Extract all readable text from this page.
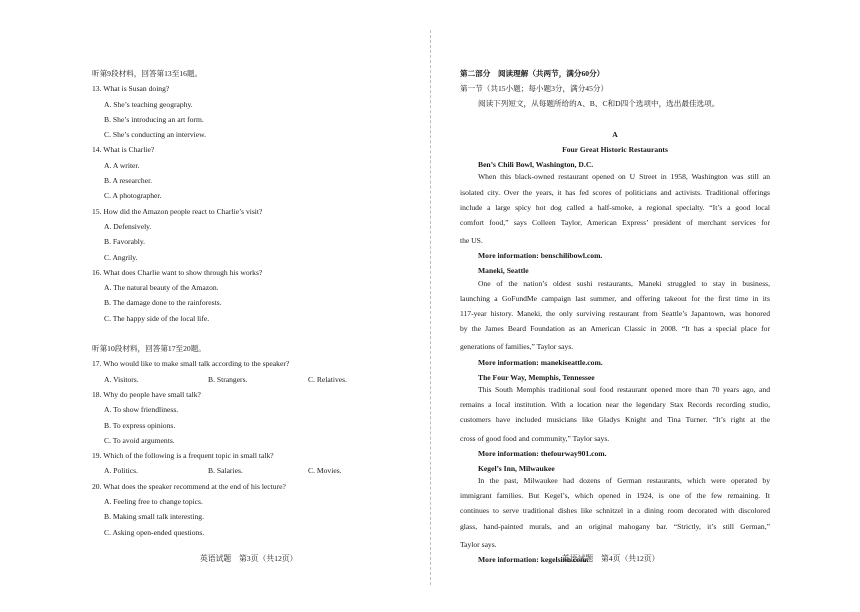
听第9段材料，回答第13至16题。
13. What is Susan doing?
A. She’s teaching geography.
B. She’s introducing an art form.
C. She’s conducting an interview.
14. What is Charlie?
A. A writer.
B. A researcher.
C. A photographer.
15. How did the Amazon people react to Charlie’s visit?
A. Defensively.
B. Favorably.
C. Angrily.
16. What does Charlie want to show through his works?
A. The natural beauty of the Amazon.
B. The damage done to the rainforests.
C. The happy side of the local life.
听第10段材料，回答第17至20题。
17. Who would like to make small talk according to the speaker?
A. Visitors.	B. Strangers.	C. Relatives.
18. Why do people have small talk?
A. To show friendliness.
B. To express opinions.
C. To avoid arguments.
19. Which of the following is a frequent topic in small talk?
A. Politics.	B. Salaries.	C. Movies.
20. What does the speaker recommend at the end of his lecture?
A. Feeling free to change topics.
B. Making small talk interesting.
C. Asking open-ended questions.
第二部分　阅读理解（共两节，满分60分）
第一节（共15小题；每小题3分，满分45分）
阅读下列短文，从每题所给的A、B、C和D四个选项中，选出最佳选项。
A
Four Great Historic Restaurants
Ben’s Chili Bowl, Washington, D.C.
When this black-owned restaurant opened on U Street in 1958, Washington was still an
isolated city. Over the years, it has fed scores of politicians and activists. Traditional offerings
include a large spicy hot dog called a half-smoke, a regional specialty. “It’s a good local
comfort food,” says Colleen Taylor, American Express’ president of merchant services for
the US.
More information: benschilibowl.com.
Maneki, Seattle
One of the nation’s oldest sushi restaurants, Maneki struggled to stay in business,
launching a GoFundMe campaign last summer, and offering takeout for the first time in its
117-year history. Maneki, the only surviving restaurant from Seattle’s Japantown, was honored
by the James Beard Foundation as an American Classic in 2008. “It has a special place for
generations of families,” Taylor says.
More information: manekiseattle.com.
The Four Way, Memphis, Tennessee
This South Memphis traditional soul food restaurant opened more than 70 years ago, and
remains a local institution. With a location near the legendary Stax Records recording studio,
customers have included musicians like Gladys Knight and Tina Turner. “It’s right at the
cross of good food and community,” Taylor says.
More information: thefourway901.com.
Kegel’s Inn, Milwaukee
In the past, Milwaukee had dozens of German restaurants, which were operated by
immigrant families. But Kegel’s, which opened in 1924, is one of the few remaining. It
continues to serve traditional dishes like schnitzel in a dining room decorated with discolored
glass, hand-painted murals, and an original mahogany bar. “Strictly, it’s still German,”
Taylor says.
More information: kegelsinn.com.
英语试题　第3页（共12页）	英语试题　第4页（共12页）
